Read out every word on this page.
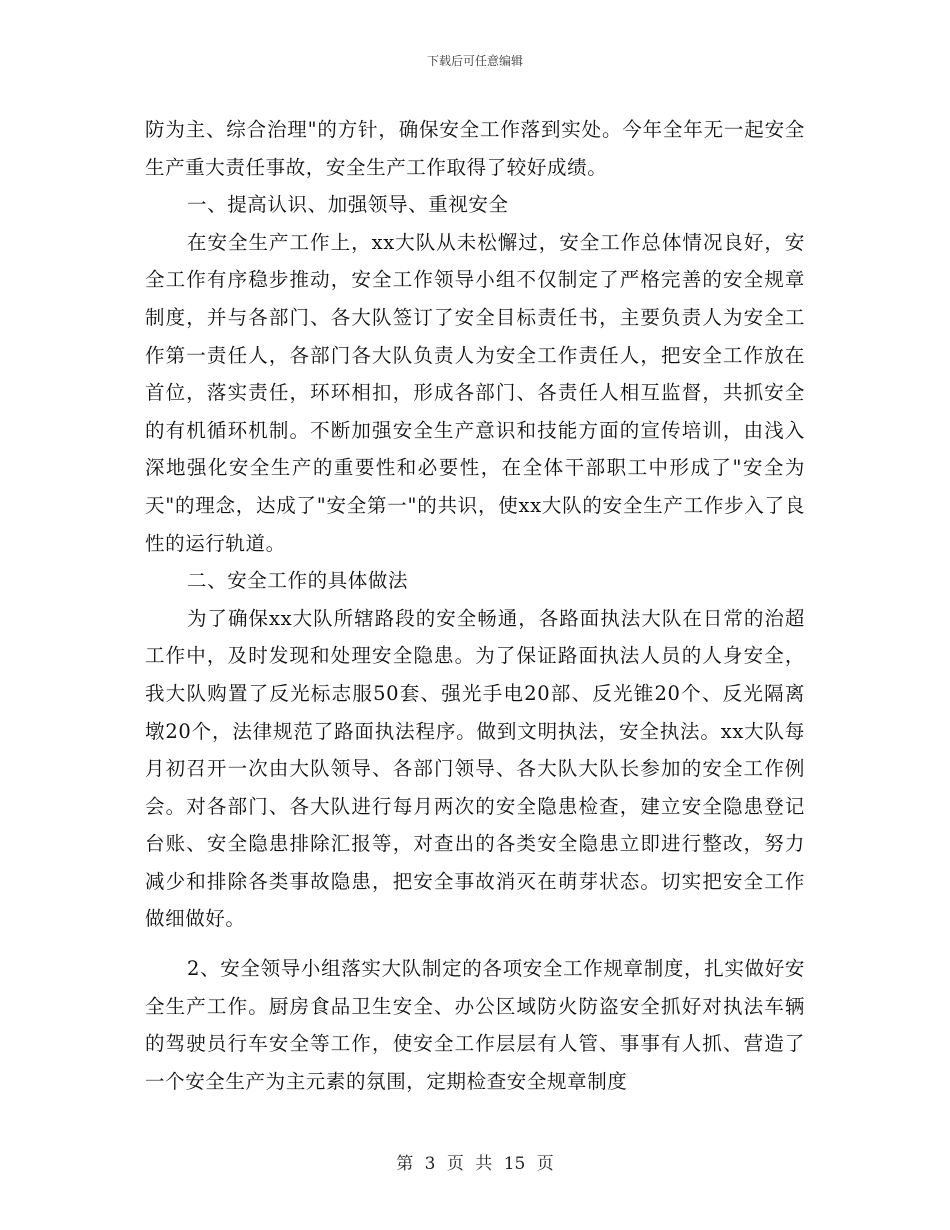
下载后可任意编辑

防为主、综合治理"的方针，确保安全工作落到实处。今年全年无一起安全生产重大责任事故，安全生产工作取得了较好成绩。

一、提高认识、加强领导、重视安全

在安全生产工作上，xx大队从未松懈过，安全工作总体情况良好，安全工作有序稳步推动，安全工作领导小组不仅制定了严格完善的安全规章制度，并与各部门、各大队签订了安全目标责任书，主要负责人为安全工作第一责任人，各部门各大队负责人为安全工作责任人，把安全工作放在首位，落实责任，环环相扣，形成各部门、各责任人相互监督，共抓安全的有机循环机制。不断加强安全生产意识和技能方面的宣传培训，由浅入深地强化安全生产的重要性和必要性，在全体干部职工中形成了"安全为天"的理念，达成了"安全第一"的共识，使xx大队的安全生产工作步入了良性的运行轨道。

二、安全工作的具体做法

为了确保xx大队所辖路段的安全畅通，各路面执法大队在日常的治超工作中，及时发现和处理安全隐患。为了保证路面执法人员的人身安全，我大队购置了反光标志服50套、强光手电20部、反光锥20个、反光隔离墩20个，法律规范了路面执法程序。做到文明执法，安全执法。xx大队每月初召开一次由大队领导、各部门领导、各大队大队长参加的安全工作例会。对各部门、各大队进行每月两次的安全隐患检查，建立安全隐患登记台账、安全隐患排除汇报等，对查出的各类安全隐患立即进行整改，努力减少和排除各类事故隐患，把安全事故消灭在萌芽状态。切实把安全工作做细做好。

2、安全领导小组落实大队制定的各项安全工作规章制度，扎实做好安全生产工作。厨房食品卫生安全、办公区域防火防盗安全抓好对执法车辆的驾驶员行车安全等工作，使安全工作层层有人管、事事有人抓、营造了一个安全生产为主元素的氛围，定期检查安全规章制度

第 3 页 共 15 页
